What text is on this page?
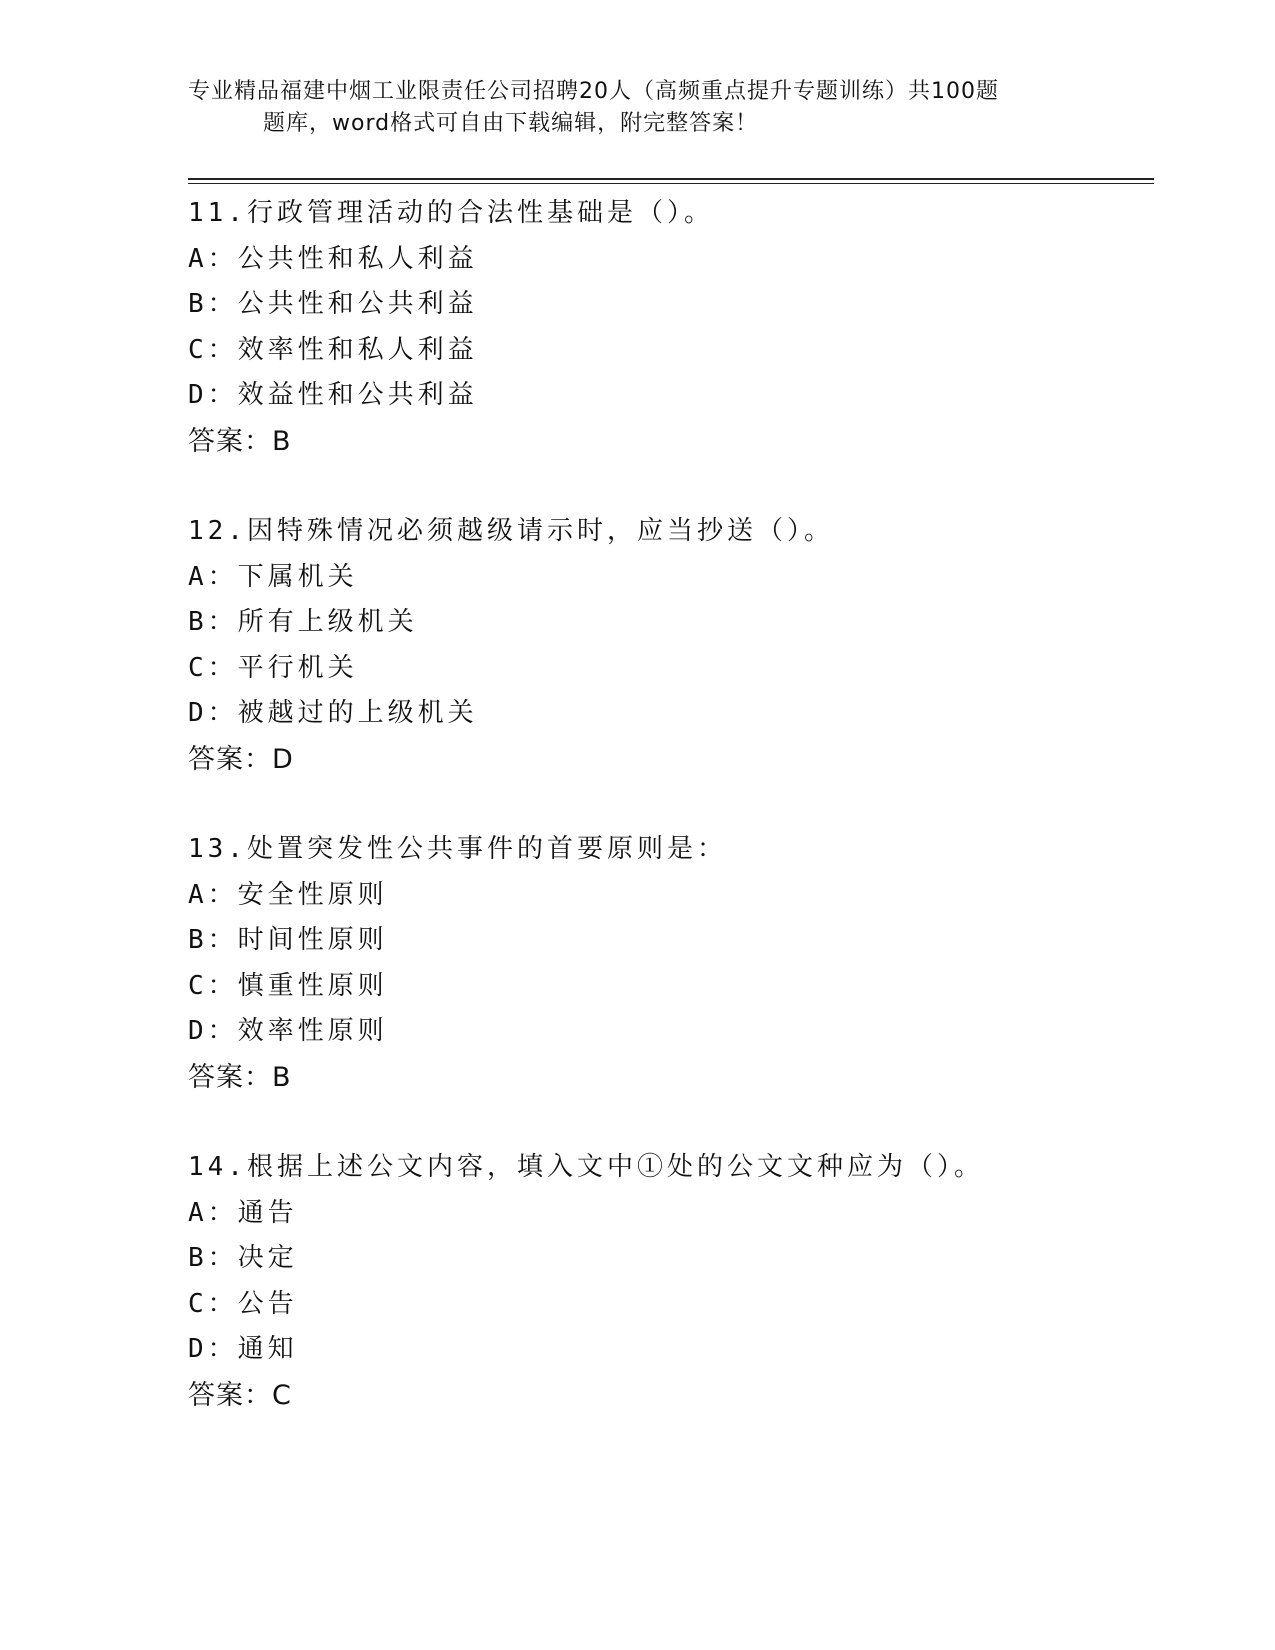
专业精品福建中烟工业限责任公司招聘20人（高频重点提升专题训练）共100题
题库，word格式可自由下载编辑，附完整答案！
11.行政管理活动的合法性基础是（）。
A：公共性和私人利益
B：公共性和公共利益
C：效率性和私人利益
D：效益性和公共利益
答案：B
12.因特殊情况必须越级请示时，应当抄送（）。
A：下属机关
B：所有上级机关
C：平行机关
D：被越过的上级机关
答案：D
13.处置突发性公共事件的首要原则是：
A：安全性原则
B：时间性原则
C：慎重性原则
D：效率性原则
答案：B
14.根据上述公文内容，填入文中①处的公文文种应为（）。
A：通告
B：决定
C：公告
D：通知
答案：C
